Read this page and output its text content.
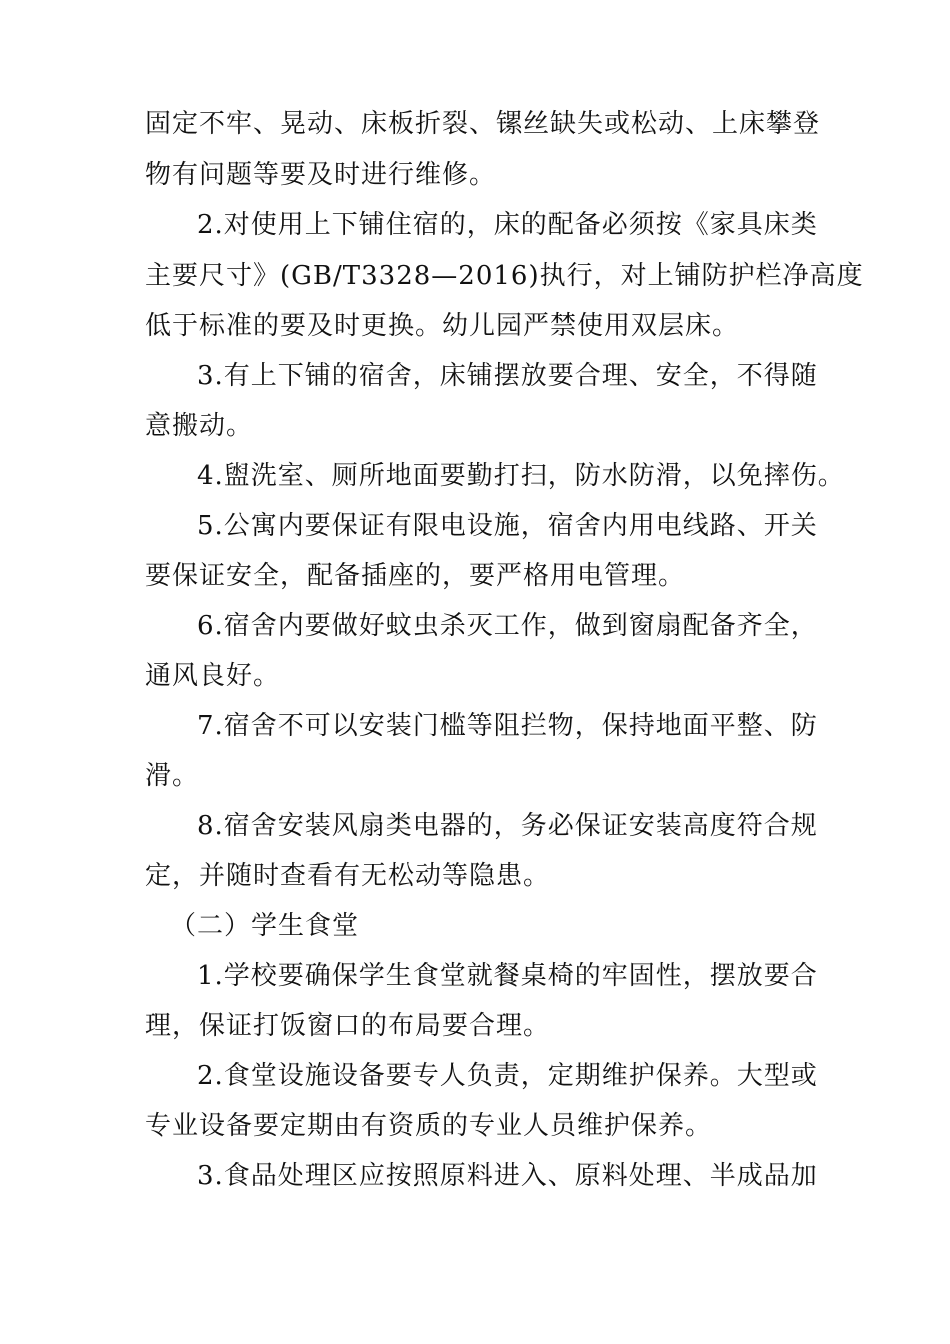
固定不牢、晃动、床板折裂、镙丝缺失或松动、上床攀登
物有问题等要及时进行维修。
2.对使用上下铺住宿的，床的配备必须按《家具床类
主要尺寸》(GB/T3328—2016)执行，对上铺防护栏净高度
低于标准的要及时更换。幼儿园严禁使用双层床。
3.有上下铺的宿舍，床铺摆放要合理、安全，不得随
意搬动。
4.盥洗室、厕所地面要勤打扫，防水防滑，以免摔伤。
5.公寓内要保证有限电设施，宿舍内用电线路、开关
要保证安全，配备插座的，要严格用电管理。
6.宿舍内要做好蚊虫杀灭工作，做到窗扇配备齐全，
通风良好。
7.宿舍不可以安装门槛等阻拦物，保持地面平整、防
滑。
8.宿舍安装风扇类电器的，务必保证安装高度符合规
定，并随时查看有无松动等隐患。
（二）学生食堂
1.学校要确保学生食堂就餐桌椅的牢固性，摆放要合
理，保证打饭窗口的布局要合理。
2.食堂设施设备要专人负责，定期维护保养。大型或
专业设备要定期由有资质的专业人员维护保养。
3.食品处理区应按照原料进入、原料处理、半成品加
